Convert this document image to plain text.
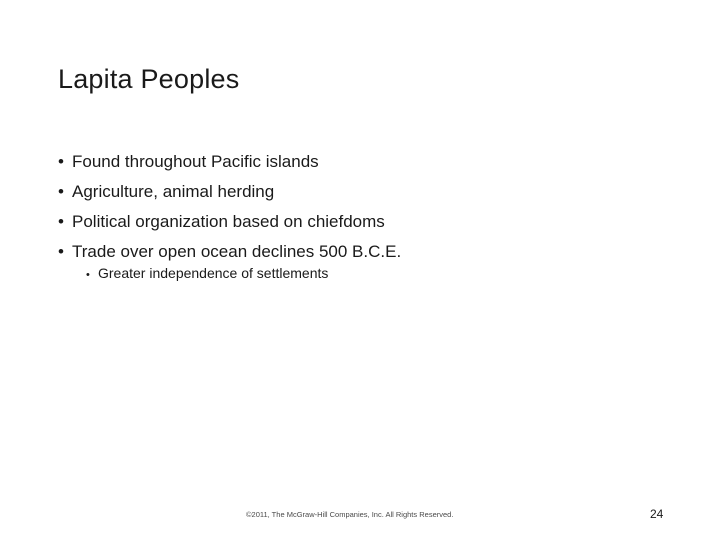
Lapita Peoples
• Found throughout Pacific islands
• Agriculture, animal herding
• Political organization based on chiefdoms
• Trade over open ocean declines 500 B.C.E.
• Greater independence of settlements
©2011, The McGraw-Hill Companies, Inc. All Rights Reserved.	24
